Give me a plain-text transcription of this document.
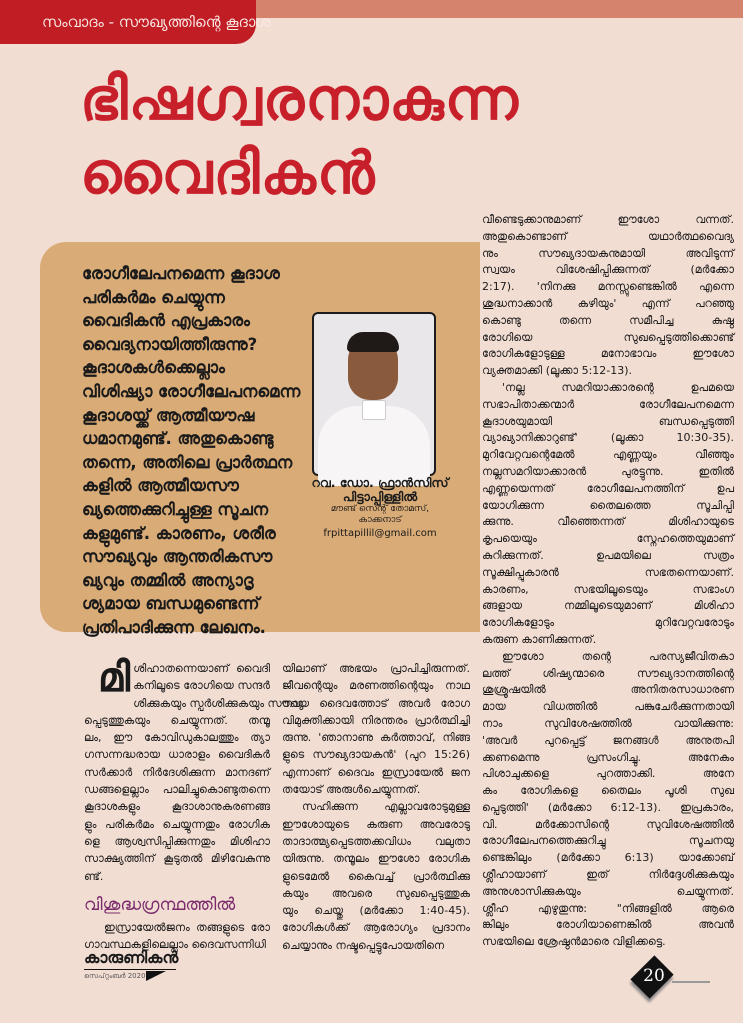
സംവാദം - സൗഖ്യത്തിന്റെ കൂദാശ
ഭിഷഗ്വരനാകുന്ന
വൈദികൻ
രോഗീലേപനമെന്ന കൂദാശ
പരികർമം ചെയ്യുന്ന
വൈദികൻ എപ്രകാരം
വൈദ്യനായിത്തീരുന്നു?
കൂദാശകൾക്കെല്ലാം
വിശിഷ്യാ രോഗീലേപനമെന്ന
കൂദാശയ്ക്ക് ആത്മീയൗഷ
ധമാനമുണ്ട്. അതുകൊണ്ടു
തന്നെ, അതിലെ പ്രാർത്ഥന
കളിൽ ആത്മീയസൗ
ഖ്യത്തെക്കുറിച്ചുള്ള സൂചന
കളുമുണ്ട്. കാരണം, ശരീര
സൗഖ്യവും ആന്തരികസൗ
ഖ്യവും തമ്മിൽ അന്യാദൃ
ശ്യമായ ബന്ധമുണ്ടെന്ന്
പ്രതിപാദിക്കുന്ന ലേഖനം.
റവ. ഡോ. ഫ്രാൻസിസ്
പിട്ടാപ്പിള്ളിൽ
മൗണ്ട് സെന്റ് തോമസ്,
കാക്കനാട്
frpittapillil@gmail.com
വീണ്ടെടുക്കാനുമാണ് ഈശോ വന്നത്.
അതുകൊണ്ടാണ് യഥാർത്ഥവൈദ്യ
നും സൗഖ്യദായകനുമായി അവിടുന്ന്
സ്വയം വിശേഷിപ്പിക്കുന്നത് (മർക്കോ
2:17). 'നിനക്കു മനസ്സുണ്ടെങ്കിൽ എന്നെ
ശുദ്ധനാക്കാൻ കഴിയും' എന്ന് പറഞ്ഞു
കൊണ്ടു തന്നെ സമീപിച്ച കുഷ്ഠ
രോഗിയെ സുഖപ്പെടുത്തിക്കൊണ്ട്
രോഗികളോടുള്ള മനോഭാവം ഈശോ
വ്യക്തമാക്കി (ലൂക്കാ 5:12-13).
'നല്ല സമറിയാക്കാരന്റെ ഉപമയെ
സഭാപിതാക്കന്മാർ രോഗീലേപനമെന്ന
കൂദാശയുമായി ബന്ധപ്പെടുത്തി
വ്യാഖ്യാനിക്കാറുണ്ട്' (ലൂക്കാ 10:30-35).
മുറിവേറ്റവന്റെമേൽ എണ്ണയും വീഞ്ഞും
നല്ലസമറിയാക്കാരൻ പുരട്ടുന്നു. ഇതിൽ
എണ്ണയെന്നത് രോഗീലേപനത്തിന് ഉപ
യോഗിക്കുന്ന തൈലത്തെ സൂചിപ്പി
ക്കുന്നു. വീഞ്ഞെന്നത് മിശിഹായുടെ
കൃപയെയും സ്നേഹത്തെയുമാണ്
കുറിക്കുന്നത്. ഉപമയിലെ സത്രം
സൂക്ഷിപ്പുകാരൻ സഭതന്നെയാണ്.
കാരണം, സഭയിലൂടെയും സഭാംഗ
ങ്ങളായ നമ്മിലൂടെയുമാണ് മിശിഹാ
രോഗികളോടും മുറിവേറ്റവരോടും
കരുണ കാണിക്കുന്നത്.
ഈശോ തന്റെ പരസ്യജീവിതകാ
ലത്ത് ശിഷ്യന്മാരെ സൗഖ്യദാനത്തിന്റെ
ശുശ്രൂഷയിൽ അനിതരസാധാരണ
മായ വിധത്തിൽ പങ്കുചേർക്കുന്നതായി
നാം സുവിശേഷത്തിൽ വായിക്കുന്നു:
'അവർ പുറപ്പെട്ട് ജനങ്ങൾ അനുതപി
ക്കണമെന്നു പ്രസംഗിച്ചു. അനേകം
പിശാചുക്കളെ പുറത്താക്കി. അനേ
കം രോഗികളെ തൈലം പൂശി സുഖ
പ്പെടുത്തി' (മർക്കോ 6:12-13). ഇപ്രകാരം,
വി. മർക്കോസിന്റെ സുവിശേഷത്തിൽ
രോഗീലേപനത്തെക്കുറിച്ചു സൂചനയു
ണ്ടെങ്കിലും (മർക്കോ 6:13) യാക്കോബ്
ശ്ലീഹായാണ് ഇത് നിർദ്ദേശിക്കുകയും
അനുശാസിക്കുകയും ചെയ്യുന്നത്.
ശ്ലീഹ എഴുതുന്നു: "നിങ്ങളിൽ ആരെ
ങ്കിലും രോഗിയാണെങ്കിൽ അവൻ
സഭയിലെ ശ്രേഷ്ഠൻമാരെ വിളിക്കട്ടെ.
മി ശിഹാതന്നെയാണ് വൈദി
കനിലൂടെ രോഗിയെ സന്ദർ
ശിക്കുകയും സ്പർശിക്കുകയും സൗഖ്യ
പ്പെടുത്തുകയും ചെയ്യുന്നത്. തന്മൂ
ലം, ഈ കോവിഡുകാലത്തും ത്യാ
ഗസന്നദ്ധരായ ധാരാളം വൈദികർ
സർക്കാർ നിർദേശിക്കുന്ന മാനദണ്
ഡങ്ങളെല്ലാം പാലിച്ചുകൊണ്ടുതന്നെ
കൂദാശകളും കൂദാശാനുകരണങ്ങ
ളും പരികർമം ചെയ്യുന്നതും രോഗിക
ളെ ആശ്വസിപ്പിക്കുന്നതും മിശിഹാ
സാക്ഷ്യത്തിന് കൂടുതൽ മിഴിവേകുന്നു
ണ്ട്.
വിശുദ്ധഗ്രന്ഥത്തിൽ
ഇസ്രായേൽജനം തങ്ങളുടെ രോ
ഗാവസ്ഥകളിലെല്ലാം ദൈവസന്നിധി
യിലാണ് അഭയം പ്രാപിച്ചിരുന്നത്.
ജീവന്റെയും മരണത്തിന്റെയും നാഥ
നായ ദൈവത്തോട് അവർ രോഗ
വിമുക്തിക്കായി നിരന്തരം പ്രാർത്ഥിച്ചി
രുന്നു. 'ഞാനാണു കർത്താവ്, നിങ്ങ
ളുടെ സൗഖ്യദായകൻ' (പുറ 15:26)
എന്നാണ് ദൈവം ഇസ്രായേൽ ജന
തയോട് അരുൾചെയ്യുന്നത്.
സഹിക്കുന്ന എല്ലാവരോടുമുള്ള
ഈശോയുടെ കരുണ അവരോടു
താദാത്മ്യപ്പെടത്തക്കവിധം വലുതാ
യിരുന്നു. തന്മൂലം ഈശോ രോഗിക
ളുടെമേൽ കൈവച്ച് പ്രാർത്ഥിക്കു
കയും അവരെ സുഖപ്പെടുത്തുക
യും ചെയ്തു (മർക്കോ 1:40-45).
രോഗികൾക്ക് ആരോഗ്യം പ്രദാനം
ചെയ്യാനും നഷ്ടപ്പെട്ടുപോയതിനെ
കാരുണികൻ
സെപ്റ്റംബർ 2020	20
